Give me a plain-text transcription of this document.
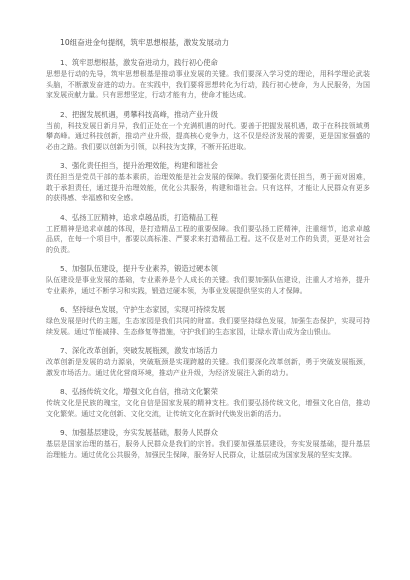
10组奋进金句提纲，筑牢思想根基，激发发展动力
1、筑牢思想根基，激发奋进动力，践行初心使命
思想是行动的先导，筑牢思想根基是推动事业发展的关键。我们要深入学习党的理论，用科学理论武装头脑，不断激发奋进的动力。在实践中，我们要将思想转化为行动，践行初心使命，为人民服务，为国家发展贡献力量。只有思想坚定，行动才能有力，使命才能达成。
2、把握发展机遇，勇攀科技高峰，推动产业升级
当前，科技发展日新月异，我们正处在一个充满机遇的时代。要善于把握发展机遇，敢于在科技领域勇攀高峰。通过科技创新，推动产业升级，提高核心竞争力，这不仅是经济发展的需要，更是国家强盛的必由之路。我们要以创新为引领，以科技为支撑，不断开拓进取。
3、强化责任担当，提升治理效能，构建和谐社会
责任担当是党员干部的基本素质，治理效能是社会发展的保障。我们要强化责任担当，勇于面对困难，敢于承担责任，通过提升治理效能，优化公共服务，构建和谐社会。只有这样，才能让人民群众有更多的获得感、幸福感和安全感。
4、弘扬工匠精神，追求卓越品质，打造精品工程
工匠精神是追求卓越的体现，是打造精品工程的重要保障。我们要弘扬工匠精神，注重细节，追求卓越品质，在每一个项目中，都要以高标准、严要求来打造精品工程。这不仅是对工作的负责，更是对社会的负责。
5、加强队伍建设，提升专业素养，锻造过硬本领
队伍建设是事业发展的基础，专业素养是个人成长的关键。我们要加强队伍建设，注重人才培养，提升专业素养，通过不断学习和实践，锻造过硬本领，为事业发展提供坚实的人才保障。
6、坚持绿色发展，守护生态家园，实现可持续发展
绿色发展是时代的主题，生态家园是我们共同的财富。我们要坚持绿色发展，加强生态保护，实现可持续发展。通过节能减排、生态修复等措施，守护我们的生态家园，让绿水青山成为金山银山。
7、深化改革创新，突破发展瓶颈，激发市场活力
改革创新是发展的动力源泉，突破瓶颈是实现跨越的关键。我们要深化改革创新，勇于突破发展瓶颈，激发市场活力。通过优化营商环境，推动产业升级，为经济发展注入新的动力。
8、弘扬传统文化，增强文化自信，推动文化繁荣
传统文化是民族的瑰宝，文化自信是国家发展的精神支柱。我们要弘扬传统文化，增强文化自信，推动文化繁荣。通过文化创新、文化交流，让传统文化在新时代焕发出新的活力。
9、加强基层建设，夯实发展基础，服务人民群众
基层是国家治理的基石，服务人民群众是我们的宗旨。我们要加强基层建设，夯实发展基础，提升基层治理能力。通过优化公共服务，加强民生保障，服务好人民群众，让基层成为国家发展的坚实支撑。
